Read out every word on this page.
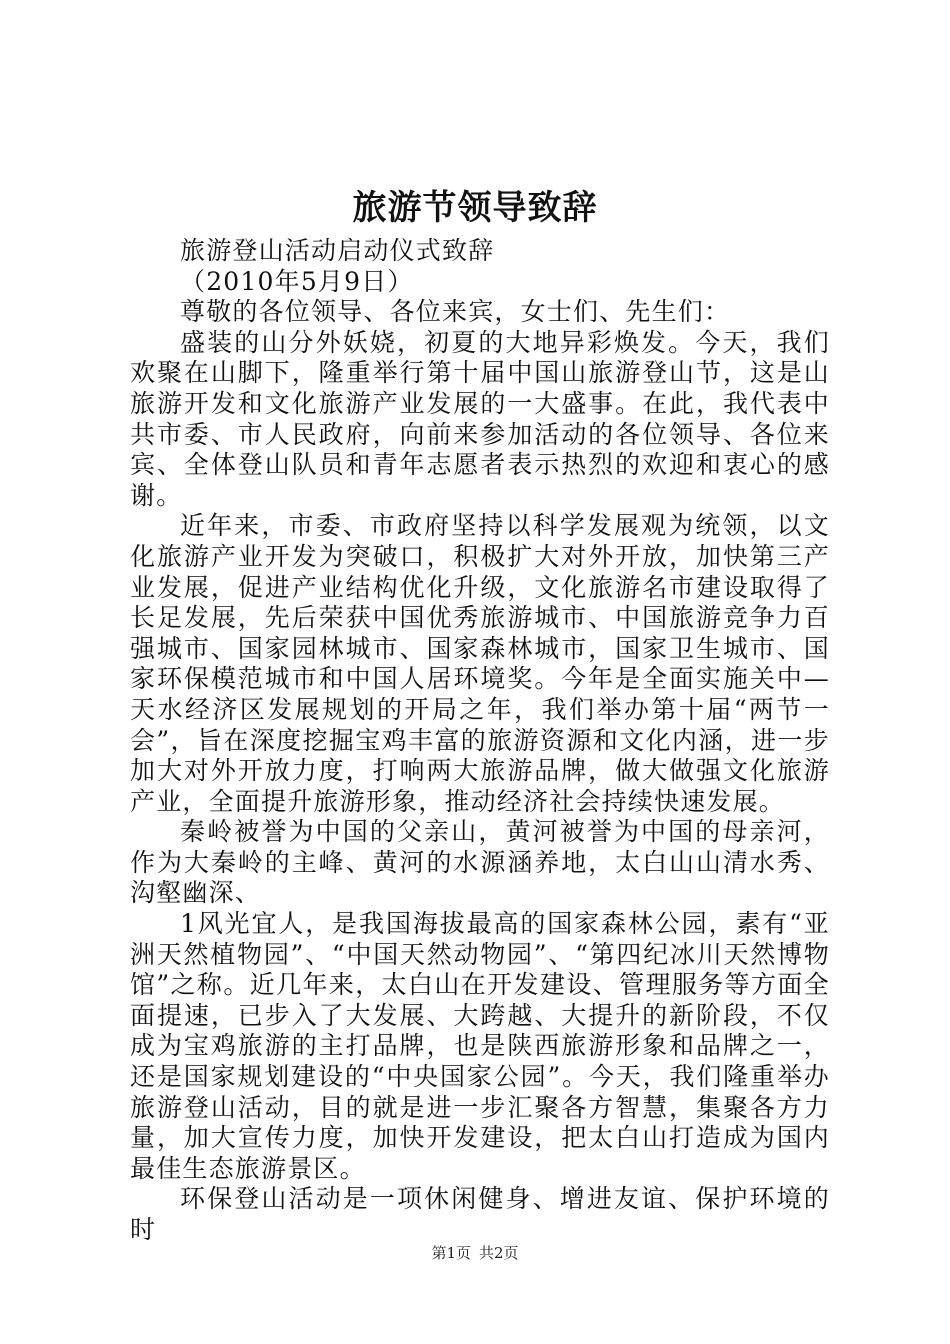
旅游节领导致辞

旅游登山活动启动仪式致辞

（2010年5月9日）

尊敬的各位领导、各位来宾，女士们、先生们：

盛装的山分外妖娆，初夏的大地异彩焕发。今天，我们欢聚在山脚下，隆重举行第十届中国山旅游登山节，这是山旅游开发和文化旅游产业发展的一大盛事。在此，我代表中共市委、市人民政府，向前来参加活动的各位领导、各位来宾、全体登山队员和青年志愿者表示热烈的欢迎和衷心的感谢。

近年来，市委、市政府坚持以科学发展观为统领，以文化旅游产业开发为突破口，积极扩大对外开放，加快第三产业发展，促进产业结构优化升级，文化旅游名市建设取得了长足发展，先后荣获中国优秀旅游城市、中国旅游竞争力百强城市、国家园林城市、国家森林城市，国家卫生城市、国家环保模范城市和中国人居环境奖。今年是全面实施关中—天水经济区发展规划的开局之年，我们举办第十届“两节一会”，旨在深度挖掘宝鸡丰富的旅游资源和文化内涵，进一步加大对外开放力度，打响两大旅游品牌，做大做强文化旅游产业，全面提升旅游形象，推动经济社会持续快速发展。

秦岭被誉为中国的父亲山，黄河被誉为中国的母亲河，作为大秦岭的主峰、黄河的水源涵养地，太白山山清水秀、沟壑幽深、

1风光宜人，是我国海拔最高的国家森林公园，素有“亚洲天然植物园”、“中国天然动物园”、“第四纪冰川天然博物馆”之称。近几年来，太白山在开发建设、管理服务等方面全面提速，已步入了大发展、大跨越、大提升的新阶段，不仅成为宝鸡旅游的主打品牌，也是陕西旅游形象和品牌之一，还是国家规划建设的“中央国家公园”。今天，我们隆重举办旅游登山活动，目的就是进一步汇聚各方智慧，集聚各方力量，加大宣传力度，加快开发建设，把太白山打造成为国内最佳生态旅游景区。

环保登山活动是一项休闲健身、增进友谊、保护环境的时

第1页 共2页
